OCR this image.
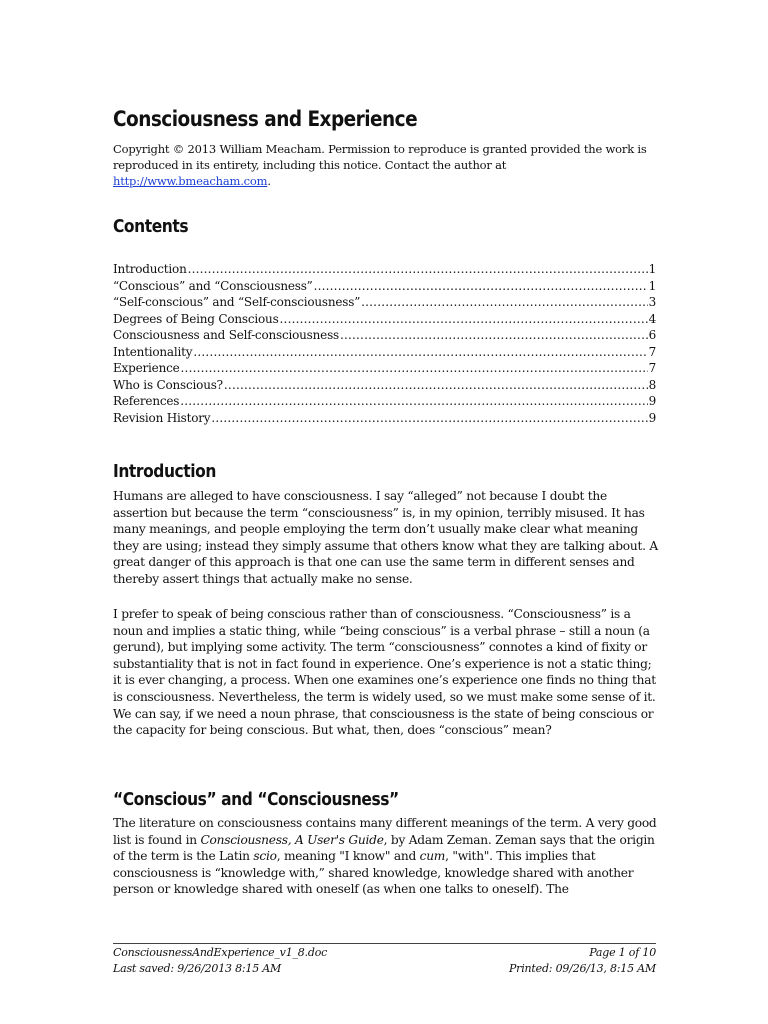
Consciousness and Experience

Copyright © 2013 William Meacham. Permission to reproduce is granted provided the work is reproduced in its entirety, including this notice. Contact the author at http://www.bmeacham.com.

Contents
Introduction .....	1
“Conscious” and “Consciousness” .....	1
“Self-conscious” and “Self-consciousness” .....	3
Degrees of Being Conscious .....	4
Consciousness and Self-consciousness .....	6
Intentionality .....	7
Experience .....	7
Who is Conscious? .....	8
References .....	9
Revision History .....	9
Introduction

Humans are alleged to have consciousness. I say “alleged” not because I doubt the assertion but because the term “consciousness” is, in my opinion, terribly misused. It has many meanings, and people employing the term don’t usually make clear what meaning they are using; instead they simply assume that others know what they are talking about. A great danger of this approach is that one can use the same term in different senses and thereby assert things that actually make no sense.

I prefer to speak of being conscious rather than of consciousness. “Consciousness” is a noun and implies a static thing, while “being conscious” is a verbal phrase – still a noun (a gerund), but implying some activity. The term “consciousness” connotes a kind of fixity or substantiality that is not in fact found in experience. One’s experience is not a static thing; it is ever changing, a process. When one examines one’s experience one finds no thing that is consciousness. Nevertheless, the term is widely used, so we must make some sense of it. We can say, if we need a noun phrase, that consciousness is the state of being conscious or the capacity for being conscious. But what, then, does “conscious” mean?

“Conscious” and “Consciousness”

The literature on consciousness contains many different meanings of the term. A very good list is found in Consciousness, A User's Guide, by Adam Zeman. Zeman says that the origin of the term is the Latin scio, meaning "I know" and cum, "with". This implies that consciousness is “knowledge with,” shared knowledge, knowledge shared with another person or knowledge shared with oneself (as when one talks to oneself). The

ConsciousnessAndExperience_v1_8.doc	Page 1 of 10
Last saved: 9/26/2013 8:15 AM	Printed: 09/26/13, 8:15 AM
